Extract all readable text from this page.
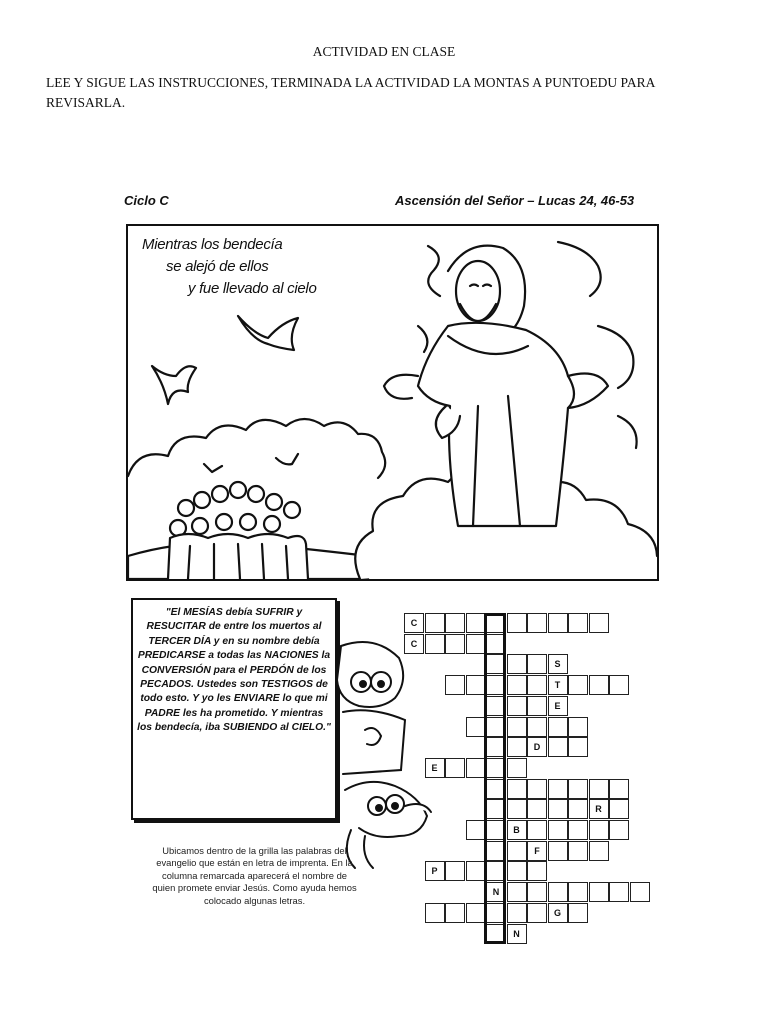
ACTIVIDAD EN CLASE
LEE Y SIGUE LAS INSTRUCCIONES, TERMINADA LA ACTIVIDAD LA MONTAS A PUNTOEDU PARA REVISARLA.
Ciclo C	Ascensión del Señor – Lucas 24, 46-53
Mientras los bendecía
se alejó de ellos
y fue llevado al cielo
"El MESÍAS debía SUFRIR y RESUCITAR de entre los muertos al TERCER DÍA y en su nombre debía PREDICARSE a todas las NACIONES la CONVERSIÓN para el PERDÓN de los PECADOS. Ustedes son TESTIGOS de todo esto. Y yo les ENVIARE lo que mi PADRE les ha prometido. Y mientras los bendecía, iba SUBIENDO al CIELO."
Ubicamos dentro de la grilla las palabras del evangelio que están en letra de imprenta. En la columna remarcada aparecerá el nombre de quien promete enviar Jesús. Como ayuda hemos colocado algunas letras.
C
C
S
T
E
D
E
R
B
F
P
N
G
N
